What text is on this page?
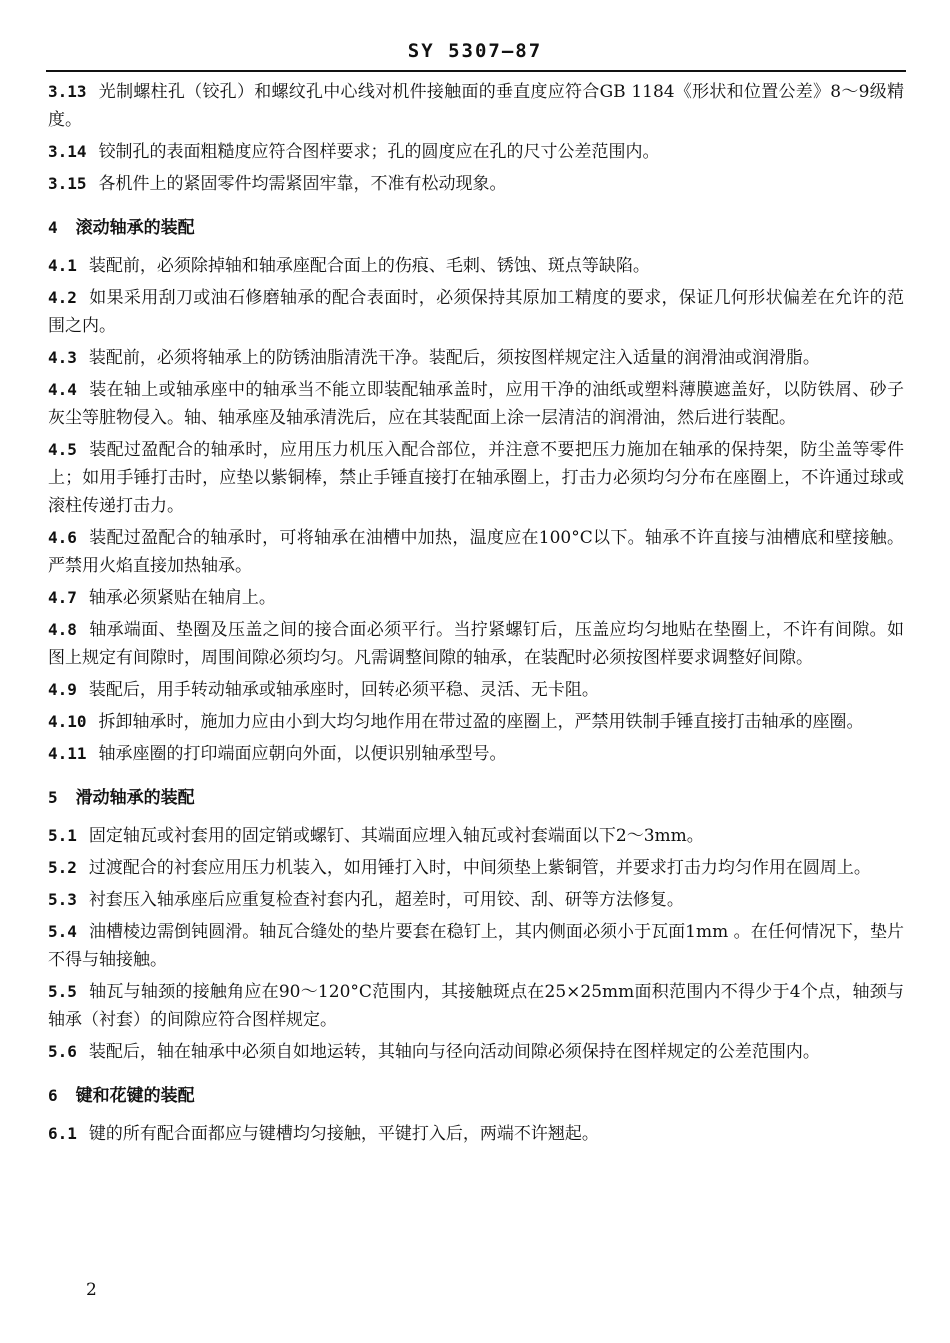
SY 5307—87

3.13 光制螺柱孔（铰孔）和螺纹孔中心线对机件接触面的垂直度应符合GB 1184《形状和位置公差》8～9级精度。

3.14 铰制孔的表面粗糙度应符合图样要求；孔的圆度应在孔的尺寸公差范围内。

3.15 各机件上的紧固零件均需紧固牢靠，不准有松动现象。

4 滚动轴承的装配

4.1 装配前，必须除掉轴和轴承座配合面上的伤痕、毛刺、锈蚀、斑点等缺陷。

4.2 如果采用刮刀或油石修磨轴承的配合表面时，必须保持其原加工精度的要求，保证几何形状偏差在允许的范围之内。

4.3 装配前，必须将轴承上的防锈油脂清洗干净。装配后，须按图样规定注入适量的润滑油或润滑脂。

4.4 装在轴上或轴承座中的轴承当不能立即装配轴承盖时，应用干净的油纸或塑料薄膜遮盖好，以防铁屑、砂子灰尘等脏物侵入。轴、轴承座及轴承清洗后，应在其装配面上涂一层清洁的润滑油，然后进行装配。

4.5 装配过盈配合的轴承时，应用压力机压入配合部位，并注意不要把压力施加在轴承的保持架，防尘盖等零件上；如用手锤打击时，应垫以紫铜棒，禁止手锤直接打在轴承圈上，打击力必须均匀分布在座圈上，不许通过球或滚柱传递打击力。

4.6 装配过盈配合的轴承时，可将轴承在油槽中加热，温度应在100°C以下。轴承不许直接与油槽底和壁接触。严禁用火焰直接加热轴承。

4.7 轴承必须紧贴在轴肩上。

4.8 轴承端面、垫圈及压盖之间的接合面必须平行。当拧紧螺钉后，压盖应均匀地贴在垫圈上，不许有间隙。如图上规定有间隙时，周围间隙必须均匀。凡需调整间隙的轴承，在装配时必须按图样要求调整好间隙。

4.9 装配后，用手转动轴承或轴承座时，回转必须平稳、灵活、无卡阻。

4.10 拆卸轴承时，施加力应由小到大均匀地作用在带过盈的座圈上，严禁用铁制手锤直接打击轴承的座圈。

4.11 轴承座圈的打印端面应朝向外面，以便识别轴承型号。

5 滑动轴承的装配

5.1 固定轴瓦或衬套用的固定销或螺钉、其端面应埋入轴瓦或衬套端面以下2～3mm。

5.2 过渡配合的衬套应用压力机装入，如用锤打入时，中间须垫上紫铜管，并要求打击力均匀作用在圆周上。

5.3 衬套压入轴承座后应重复检查衬套内孔，超差时，可用铰、刮、研等方法修复。

5.4 油槽棱边需倒钝圆滑。轴瓦合缝处的垫片要套在稳钉上，其内侧面必须小于瓦面1mm 。在任何情况下，垫片不得与轴接触。

5.5 轴瓦与轴颈的接触角应在90～120°C范围内，其接触斑点在25×25mm面积范围内不得少于4个点，轴颈与轴承（衬套）的间隙应符合图样规定。

5.6 装配后，轴在轴承中必须自如地运转，其轴向与径向活动间隙必须保持在图样规定的公差范围内。

6 键和花键的装配

6.1 键的所有配合面都应与键槽均匀接触，平键打入后，两端不许翘起。

2
